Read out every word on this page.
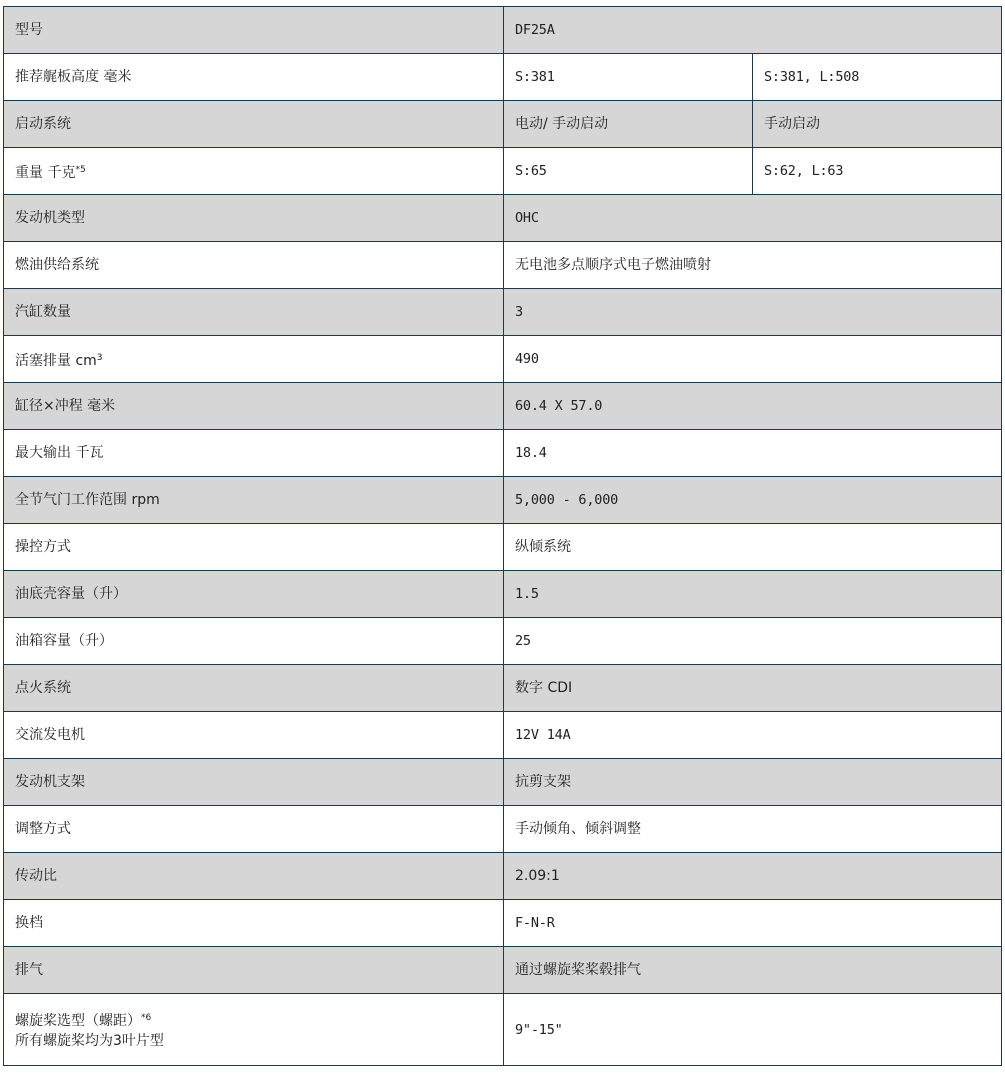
型号	DF25A	
推荐艉板高度 毫米	S:381	S:381, L:508
启动系统	电动/ 手动启动	手动启动
重量 千克$^{*5}$	S:65	S:62, L:63
发动机类型	OHC	
燃油供给系统	无电池多点顺序式电子燃油喷射	
汽缸数量	3	
活塞排量 $cm^3$	490	
缸径×冲程 毫米	60.4 X 57.0	
最大输出 千瓦	18.4	
全节气门工作范围 rpm	5,000 - 6,000	
操控方式	纵倾系统	
油底壳容量（升）	1.5	
油箱容量（升）	25	
点火系统	数字 CDI	
交流发电机	12V 14A	
发动机支架	抗剪支架	
调整方式	手动倾角、倾斜调整	
传动比	2.09:1	
换档	F-N-R	
排气	通过螺旋桨桨毂排气	

螺旋桨选型（螺距）$^{*6}$
所有螺旋桨均为3叶片型	9"-15"	
